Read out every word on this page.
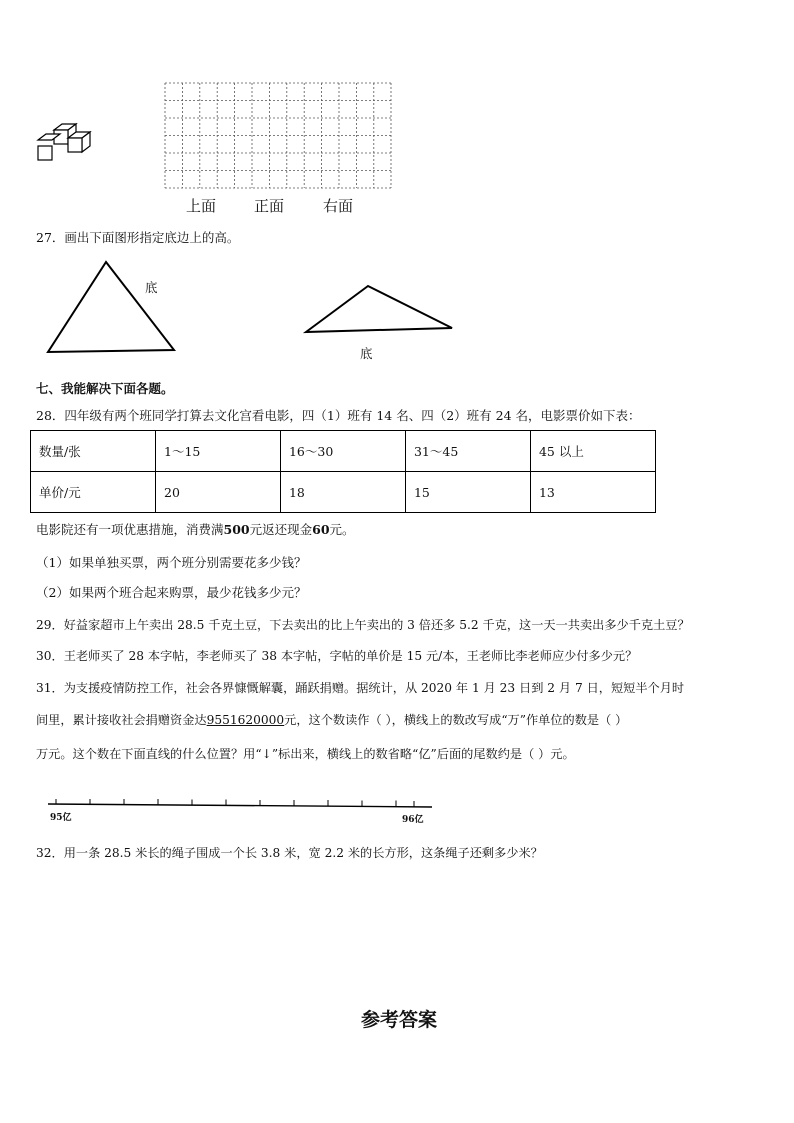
上面	正面	右面
27．画出下面图形指定底边上的高。
底
底
七、我能解决下面各题。
28．四年级有两个班同学打算去文化宫看电影，四（1）班有 14 名、四（2）班有 24 名，电影票价如下表：
数量/张	1～15	16～30	31～45	45 以上
单价/元	20	18	15	13
电影院还有一项优惠措施，消费满500元返还现金60元。
（1）如果单独买票，两个班分别需要花多少钱？
（2）如果两个班合起来购票，最少花钱多少元？
29．好益家超市上午卖出 28.5 千克土豆，下去卖出的比上午卖出的 3 倍还多 5.2 千克，这一天一共卖出多少千克土豆？
30．王老师买了 28 本字帖，李老师买了 38 本字帖，字帖的单价是 15 元/本，王老师比李老师应少付多少元？
31．为支援疫情防控工作，社会各界慷慨解囊，踊跃捐赠。据统计，从 2020 年 1 月 23 日到 2 月 7 日，短短半个月时
间里，累计接收社会捐赠资金达9551620000元，这个数读作（ ），横线上的数改写成“万”作单位的数是（ ）
万元。这个数在下面直线的什么位置？用“↓”标出来，横线上的数省略“亿”后面的尾数约是（ ）元。
95亿	96亿
32．用一条 28.5 米长的绳子围成一个长 3.8 米，宽 2.2 米的长方形，这条绳子还剩多少米？
参考答案
